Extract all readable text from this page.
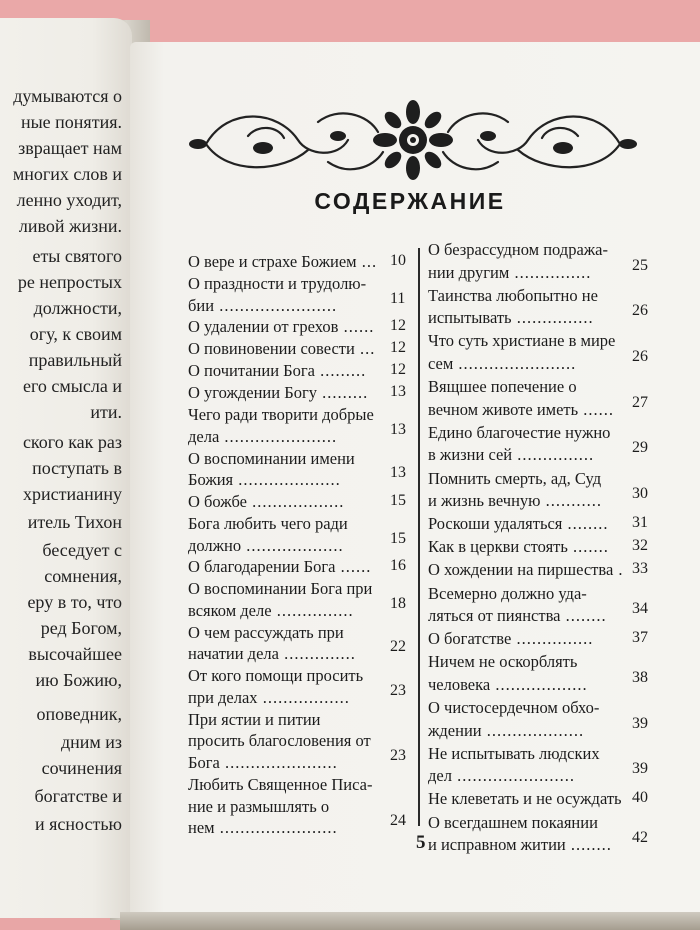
думываются о
ные понятия.
звращает нам
многих слов и
ленно уходит,
ливой жизни.
еты святого
ре непростых
должности,
огу, к своим
правильный
его смысла и
ити.
ского как раз
поступать в
христианину
итель Тихон
беседует с
сомнения,
еру в то, что
ред Богом,
высочайшее
ию Божию,
оповедник,
дним из
сочинения
богатстве и
и ясностью
СОДЕРЖАНИЕ
О вере и страхе Божием ... 10
О праздности и трудолю-
бии .......................	11
О удалении от грехов ...... 12
О повиновении совести ... 12
О почитании Бога ......... 12
О угождении Богу ......... 13
Чего ради творити добрые
дела ......................	13
О воспоминании имени
Божия ....................	13
О божбе ..................	15
Бога любить чего ради
должно ...................	15
О благодарении Бога ...... 16
О воспоминании Бога при
всяком деле ............... 18
О чем рассуждать при
начатии дела .............. 22
От кого помощи просить
при делах .................	23
При ястии и питии
просить благословения от
Бога ......................	23
Любить Священное Писа-
ние и размышлять о
нем .......................	24
О безрассудном подража-
нии другим ...............	25
Таинства любопытно не
испытывать ............... 26
Что суть христиане в мире
сем .......................	26
Вящшее попечение о
вечном животе иметь ...... 27
Едино благочестие нужно
в жизни сей ............... 29
Помнить смерть, ад, Суд
и жизнь вечную ........... 30
Роскоши удаляться ........ 31
Как в церкви стоять ....... 32
О хождении на пиршества . 33
Всемерно должно уда-
ляться от пиянства ........ 34
О богатстве ............... 37
Ничем не оскорблять
человека ..................	38
О чистосердечном обхо-
ждении ...................	39
Не испытывать людских
дел .......................	39
Не клеветать и не осуждать 40
О всегдашнем покаянии
и исправном житии ........ 42
5
